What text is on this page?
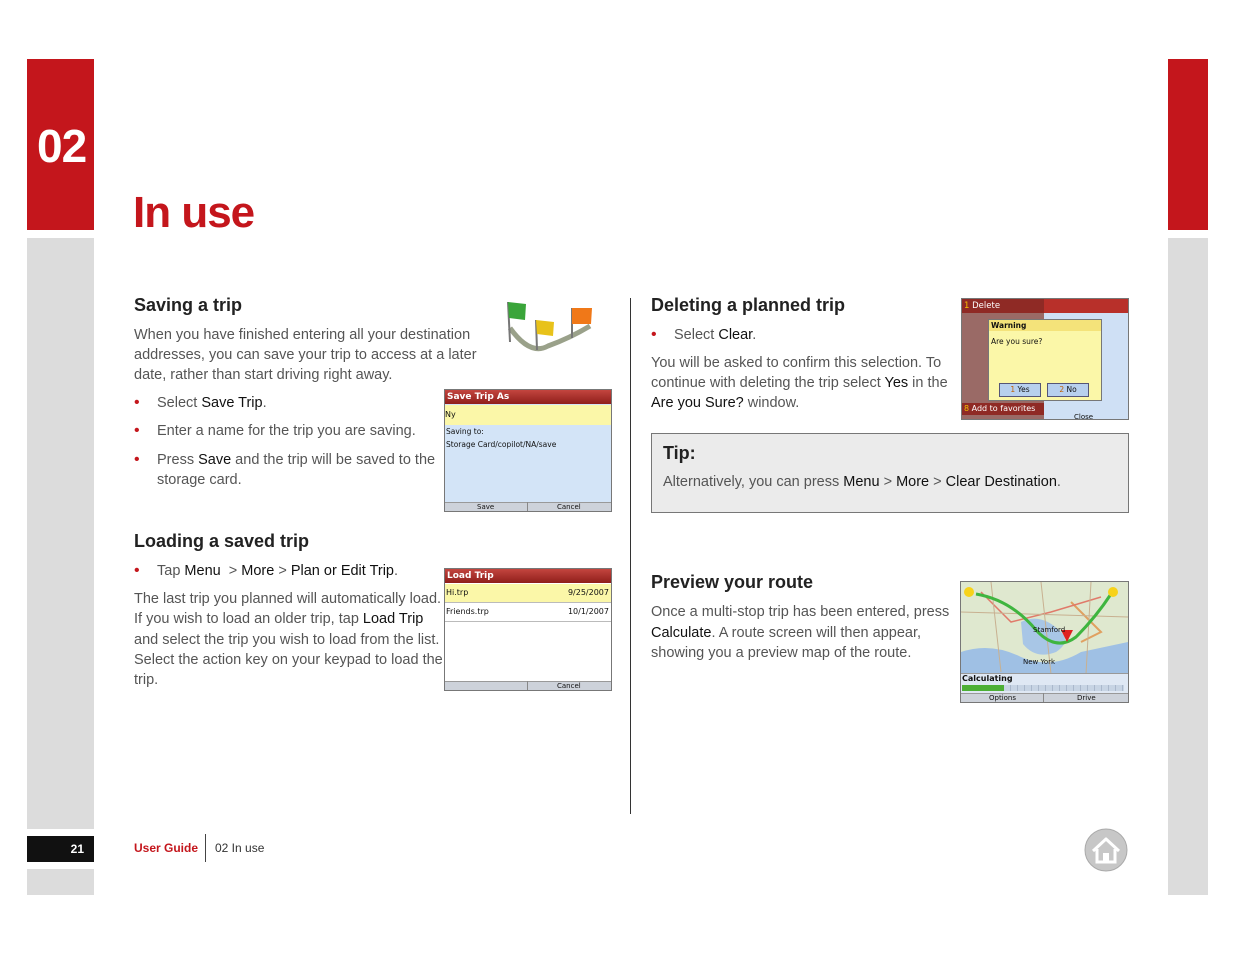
02
21
In use
Saving a trip

When you have finished entering all your destination

addresses, you can save your trip to access at a later

date, rather than start driving right away.

• Select Save Trip.
• Enter a name for the trip you are saving.
• Press Save and the trip will be saved to the
storage card.
Save Trip As
Ny
Saving to:
Storage Card/copilot/NA/save
Save	Cancel
Loading a saved trip
• Tap Menu  > More > Plan or Edit Trip.

The last trip you planned will automatically load.

If you wish to load an older trip, tap Load Trip

and select the trip you wish to load from the list.

Select the action key on your keypad to load the

trip.

Load Trip
Hi.trp	9/25/2007
Friends.trp	10/1/2007
Cancel
Deleting a planned trip
• Select Clear.

You will be asked to confirm this selection. To

continue with deleting the trip select Yes in the

Are you Sure? window.

1 Delete
8 Add to favorites
Warning
Are you sure?
1 Yes	2 No
Close
Tip:

Alternatively, you can press Menu > More > Clear Destination.

Preview your route

Once a multi-stop trip has been entered, press

Calculate. A route screen will then appear,

showing you a preview map of the route.

Stamford
New York
Calculating
Options	Drive
User Guide 02 In use
